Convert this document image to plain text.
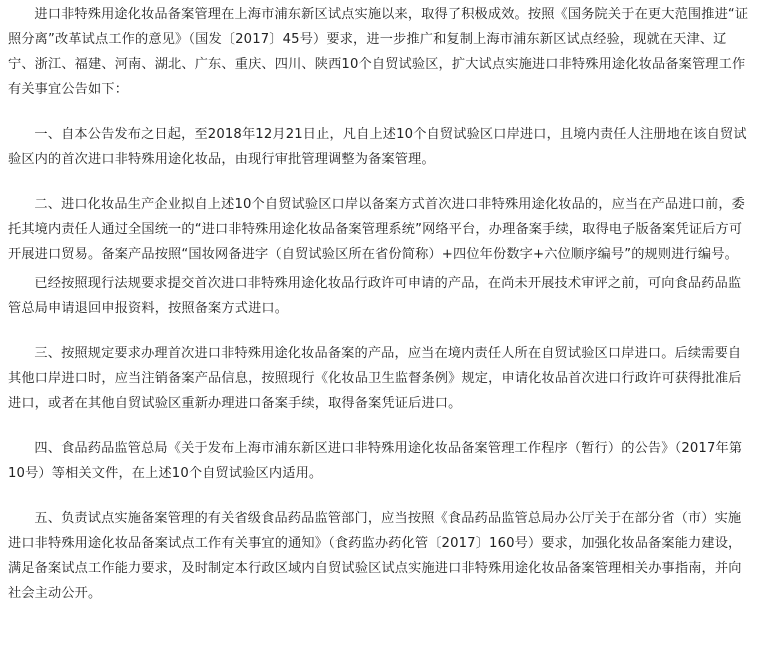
进口非特殊用途化妆品备案管理在上海市浦东新区试点实施以来，取得了积极成效。按照《国务院关于在更大范围推进“证照分离”改革试点工作的意见》（国发〔2017〕45号）要求，进一步推广和复制上海市浦东新区试点经验，现就在天津、辽宁、浙江、福建、河南、湖北、广东、重庆、四川、陕西10个自贸试验区，扩大试点实施进口非特殊用途化妆品备案管理工作有关事宜公告如下：

一、自本公告发布之日起，至2018年12月21日止，凡自上述10个自贸试验区口岸进口，且境内责任人注册地在该自贸试验区内的首次进口非特殊用途化妆品，由现行审批管理调整为备案管理。

二、进口化妆品生产企业拟自上述10个自贸试验区口岸以备案方式首次进口非特殊用途化妆品的，应当在产品进口前，委托其境内责任人通过全国统一的“进口非特殊用途化妆品备案管理系统”网络平台，办理备案手续，取得电子版备案凭证后方可开展进口贸易。备案产品按照“国妆网备进字（自贸试验区所在省份简称）+四位年份数字+六位顺序编号”的规则进行编号。

已经按照现行法规要求提交首次进口非特殊用途化妆品行政许可申请的产品，在尚未开展技术审评之前，可向食品药品监管总局申请退回申报资料，按照备案方式进口。

三、按照规定要求办理首次进口非特殊用途化妆品备案的产品，应当在境内责任人所在自贸试验区口岸进口。后续需要自其他口岸进口时，应当注销备案产品信息，按照现行《化妆品卫生监督条例》规定，申请化妆品首次进口行政许可获得批准后进口，或者在其他自贸试验区重新办理进口备案手续，取得备案凭证后进口。

四、食品药品监管总局《关于发布上海市浦东新区进口非特殊用途化妆品备案管理工作程序（暂行）的公告》（2017年第10号）等相关文件，在上述10个自贸试验区内适用。

五、负责试点实施备案管理的有关省级食品药品监管部门，应当按照《食品药品监管总局办公厅关于在部分省（市）实施进口非特殊用途化妆品备案试点工作有关事宜的通知》（食药监办药化管〔2017〕160号）要求，加强化妆品备案能力建设，满足备案试点工作能力要求，及时制定本行政区域内自贸试验区试点实施进口非特殊用途化妆品备案管理相关办事指南，并向社会主动公开。
